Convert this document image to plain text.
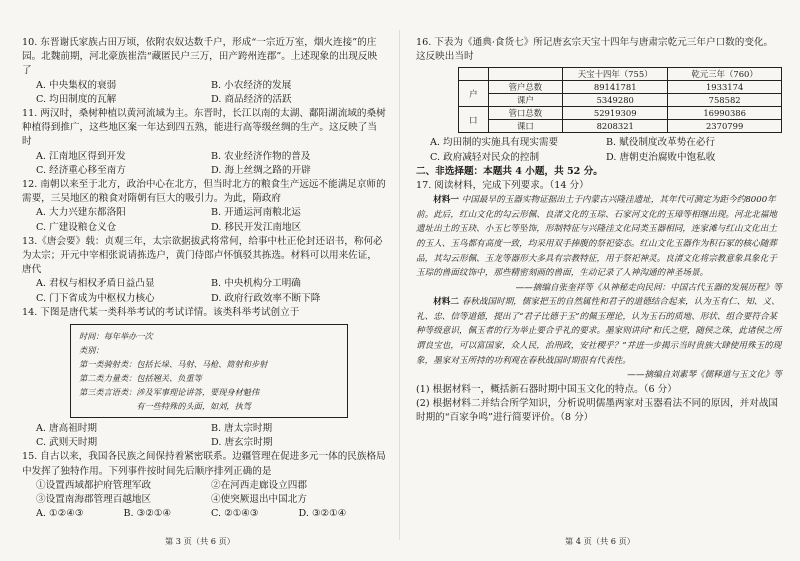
10. 东晋谢氏家族占田万顷，依附农奴达数千户，形成“一宗近万室，烟火连接”的庄园。北魏前期，河北豪族崔浩“藏匿民户三万，田产跨州连郡”。上述现象的出现反映了

A. 中央集权的衰弱	B. 小农经济的发展
C. 均田制度的瓦解	D. 商品经济的活跃

11. 两汉时，桑树种植以黄河流域为主。东晋时，长江以南的太湖、鄱阳湖流域的桑树种植得到推广，这些地区案一年达到四五熟，能进行高等级丝绸的生产。这反映了当时

A. 江南地区得到开发	B. 农业经济作物的普及
C. 经济重心移至南方	D. 海上丝绸之路的开辟

12. 南朝以来至于北方，政治中心在北方，但当时北方的粮食生产远远不能满足京师的需要，三吴地区的粮食对隋朝有巨大的吸引力。为此，隋政府

A. 大力兴建东都洛阳	B. 开通运河南粮北运
C. 广建设粮仓义仓	D. 移民开发江南地区

13.《唐会要》载：贞观三年，太宗欲据拔武将常何，给事中杜正伦封还诏书，称何必为太宗；开元中宰相张说请拣选户，黄门侍郎卢怀慎驳其拣选。材料可以用来佐证，唐代

A. 君权与相权矛盾日益凸显	B. 中央机构分工明确
C. 门下省成为中枢权力核心	D. 政府行政效率不断下降

14. 下图是唐代某一类科举考试的考试详情。该类科举考试创立于

时间：每年举办一次
类别：
第一类骑射类：包括长垛、马射、马枪、简射和步射
第二类力量类：包括翘关、负重等
第三类言语类：涉及军事理论讲答，要现身材魁伟
　　　　　　　有一些特殊的头面，如刘，执驾
A. 唐高祖时期	B. 唐太宗时期
C. 武则天时期	D. 唐玄宗时期

15. 自古以来，我国各民族之间保持着紧密联系。边疆管理在促进多元一体的民族格局中发挥了独特作用。下列事件按时间先后顺序排列正确的是

①设置西域都护府管理军政	②在河西走廊设立四郡
③设置南海郡管理百越地区	④使突厥退出中国北方
A. ①②④③	B. ③②①④	C. ②①④③	D. ③②①④
第 3 页（共 6 页）

16. 下表为《通典·食货七》所记唐玄宗天宝十四年与唐肃宗乾元三年户口数的变化。这反映出当时

		天宝十四年（755）	乾元三年（760）
户	管户总数	89141781	1933174
	课户	5349280	758582
口	管口总数	52919309	16990386
	课口	8208321	2370799
A. 均田制的实施具有现实需要	B. 赋役制度改革势在必行
C. 政府减轻对民众的控制	D. 唐朝吏治腐败中饱私收
二、非选择题：本题共 4 小题，共 52 分。

17. 阅读材料，完成下列要求。（14 分）

材料一 中国最早的玉器实物证据出土于内蒙古兴隆洼遗址，其年代可测定为距今约8000年前。此后，红山文化的勾云形佩、良渚文化的玉琮、石家河文化的玉璋等相继出现。河北北福地遗址出土的玉玦、小玉匕等坠饰，形制特征与兴隆洼文化同类玉器相同，连家滩与红山文化出土的玉人、玉鸟都有高度一致，均采用双手捧腹的祭祀姿态。红山文化玉器作为积石冢的核心随葬品，其勾云形佩、玉龙等器形大多具有宗教特征，用于祭祀神灵。良渚文化将宗教意象具象化于玉琮的兽面纹饰中，那些精密刻画的兽面，生动记录了人神沟通的神圣场景。

——摘编自张奎祥等《从神秘走向民间：中国古代玉器的发展历程》等

材料二 春秋战国时期，儒家把玉的自然属性和君子的道德结合起来，认为玉有仁、知、义、礼、忠、信等道德，提出了“君子比德于玉”的佩玉理论，认为玉石的质地、形状、组合要符合某种等级意识，佩玉者的行为举止要合乎礼的要求。墨家则讲问“和氏之壁，随侯之珠，此诸侯之所谓良宝也，可以富国家，众人民，治刑政，安社稷乎？”并进一步揭示当时贵族大肆使用殊玉的现象，墨家对玉所持的功利观在春秋战国时期很有代表性。

——摘编自刘素琴《儒释道与玉文化》等

(1) 根据材料一，概括新石器时期中国玉文化的特点。（6 分）

(2) 根据材料二并结合所学知识，分析说明儒墨两家对玉器看法不同的原因，并对战国时期的“百家争鸣”进行简要评价。（8 分）

第 4 页（共 6 页）
